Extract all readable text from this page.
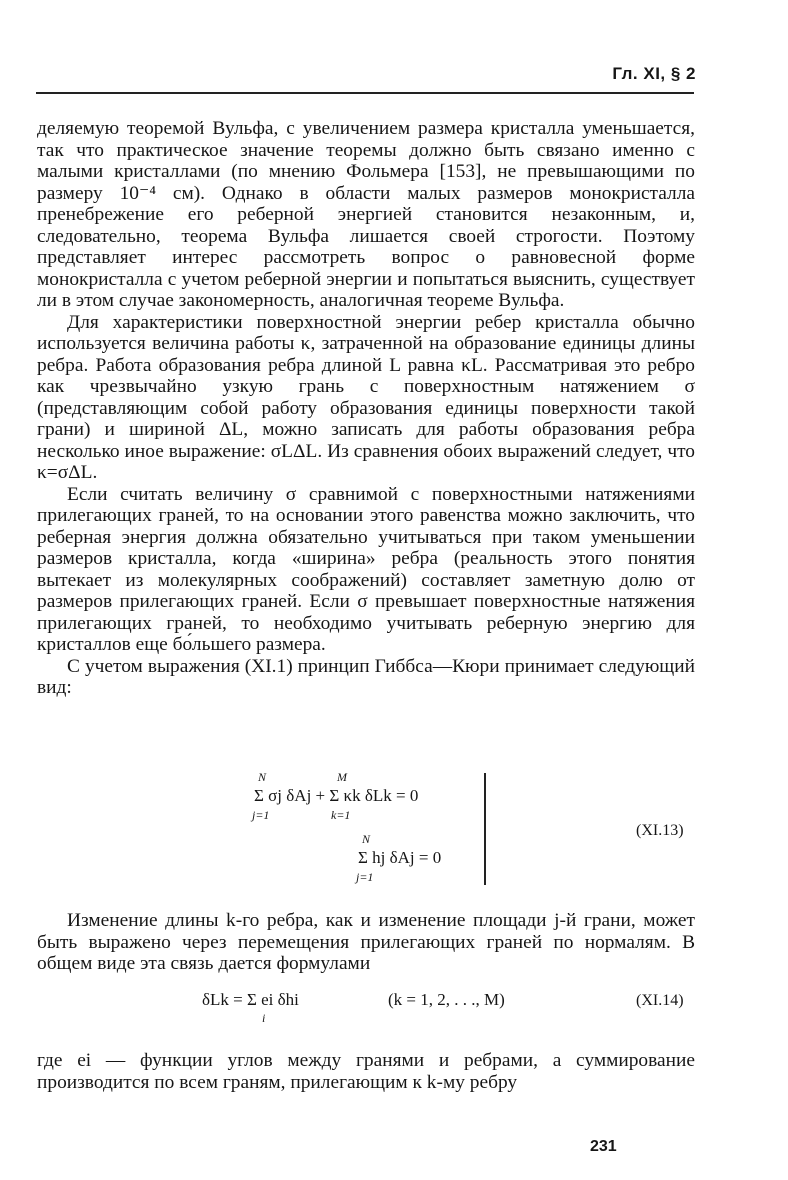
Гл. XI, § 2

деляемую теоремой Вульфа, с увеличением размера кристалла уменьшается, так что практическое значение теоремы должно быть связано именно с малыми кристаллами (по мнению Фольмера [153], не превышающими по размеру 10⁻⁴ см). Однако в области малых размеров монокристалла пренебрежение его реберной энергией становится незаконным, и, следовательно, теорема Вульфа лишается своей строгости. Поэтому представляет интерес рассмотреть вопрос о равновесной форме монокристалла с учетом реберной энергии и попытаться выяснить, существует ли в этом случае закономерность, аналогичная теореме Вульфа.

Для характеристики поверхностной энергии ребер кристалла обычно используется величина работы κ, затраченной на образование единицы длины ребра. Работа образования ребра длиной L равна κL. Рассматривая это ребро как чрезвычайно узкую грань с поверхностным натяжением σ (представляющим собой работу образования единицы поверхности такой грани) и шириной ΔL, можно записать для работы образования ребра несколько иное выражение: σLΔL. Из сравнения обоих выражений следует, что κ=σΔL.

Если считать величину σ сравнимой с поверхностными натяжениями прилегающих граней, то на основании этого равенства можно заключить, что реберная энергия должна обязательно учитываться при таком уменьшении размеров кристалла, когда «ширина» ребра (реальность этого понятия вытекает из молекулярных соображений) составляет заметную долю от размеров прилегающих граней. Если σ превышает поверхностные натяжения прилегающих граней, то необходимо учитывать реберную энергию для кристаллов еще бо́льшего размера.

С учетом выражения (XI.1) принцип Гиббса—Кюри принимает следующий вид:

N
j=1
M
k=1
Σ σj δAj + Σ κk δLk = 0
N
j=1
Σ hj δAj = 0
(XI.13)

Изменение длины k-го ребра, как и изменение площади j-й грани, может быть выражено через перемещения прилегающих граней по нормалям. В общем виде эта связь дается формулами

δLk = Σ ei δhi
i
(k = 1, 2, . . ., M)	(XI.14)

где ei — функции углов между гранями и ребрами, а суммирование производится по всем граням, прилегающим к k-му ребру

231
